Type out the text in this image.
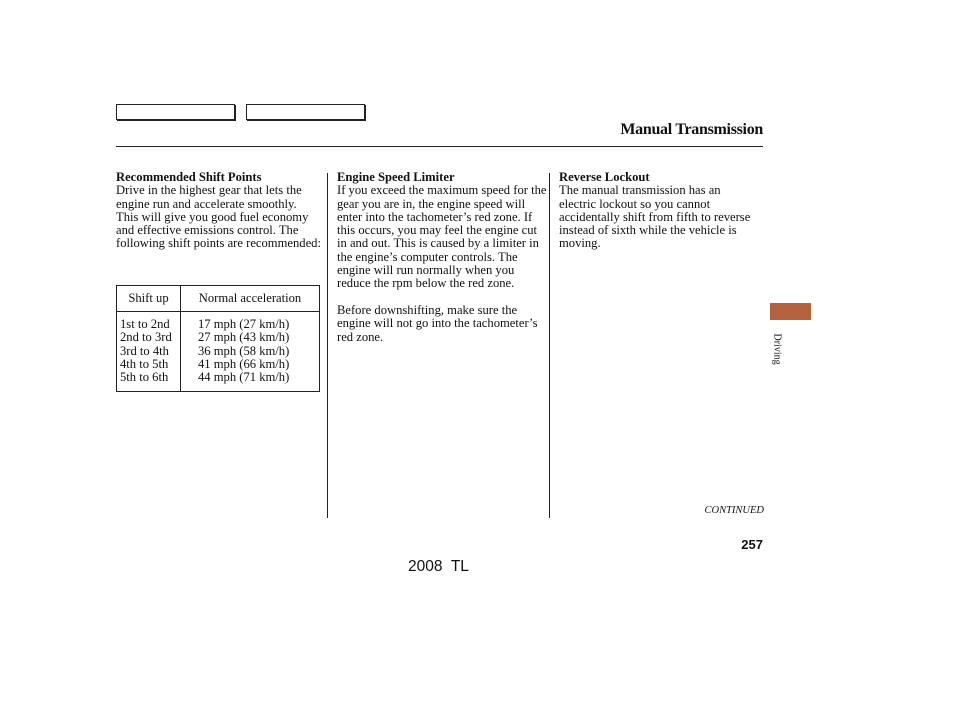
Manual Transmission
Recommended Shift Points

Drive in the highest gear that lets the engine run and accelerate smoothly. This will give you good fuel economy and effective emissions control. The following shift points are recommended:

Shift up	Normal acceleration
1st to 2nd
2nd to 3rd
3rd to 4th
4th to 5th
5th to 6th
17 mph (27 km/h)
27 mph (43 km/h)
36 mph (58 km/h)
41 mph (66 km/h)
44 mph (71 km/h)
Engine Speed Limiter

If you exceed the maximum speed for the gear you are in, the engine speed will enter into the tachometer’s red zone. If this occurs, you may feel the engine cut in and out. This is caused by a limiter in the engine’s computer controls. The engine will run normally when you reduce the rpm below the red zone.

Before downshifting, make sure the engine will not go into the tachometer’s red zone.

Reverse Lockout

The manual transmission has an electric lockout so you cannot accidentally shift from fifth to reverse instead of sixth while the vehicle is moving.

Driving
CONTINUED
257
2008  TL
